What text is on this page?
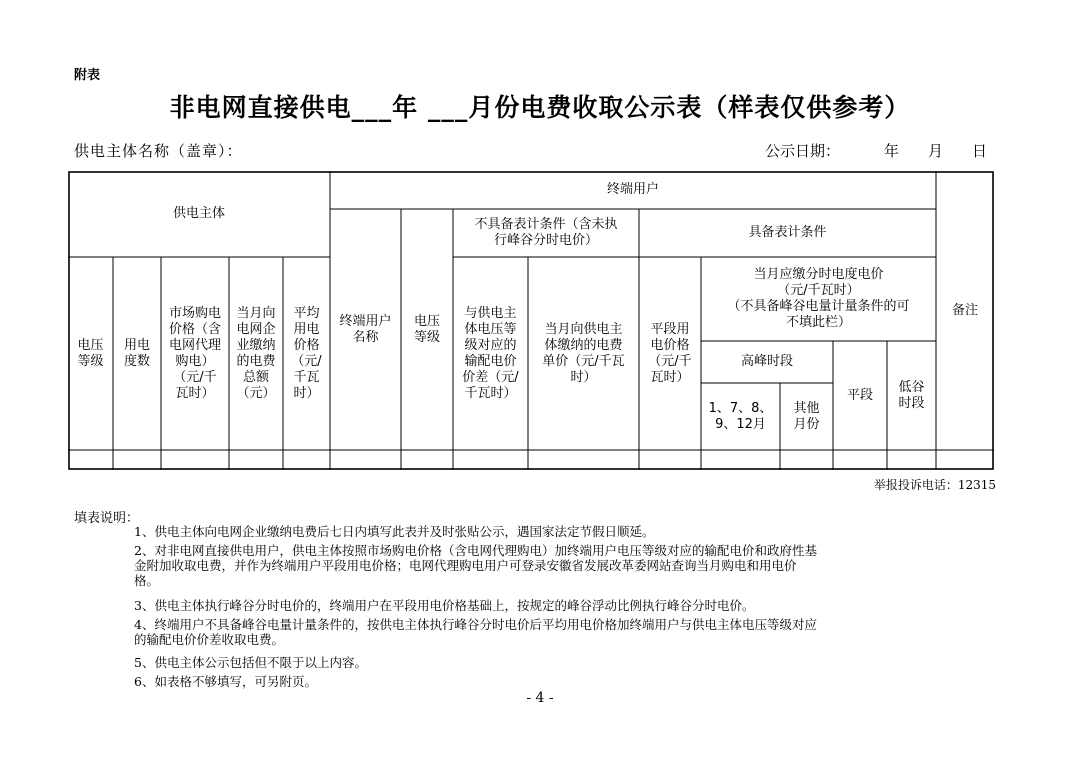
附表
非电网直接供电___年 ___月份电费收取公示表（样表仅供参考）
供电主体名称（盖章）：	公示日期：	年 月 日
供电主体
终端用户
备注
电压
等级
用电
度数
市场购电
价格（含
电网代理
购电）
（元/千
瓦时）
当月向
电网企
业缴纳
的电费
总额
（元）
平均
用电
价格
（元/
千瓦
时）
终端用户
名称
电压
等级
不具备表计条件（含未执
行峰谷分时电价）
与供电主
体电压等
级对应的
输配电价
价差（元/
千瓦时）
当月向供电主
体缴纳的电费
单价（元/千瓦
时）
具备表计条件
平段用
电价格
（元/千
瓦时）
当月应缴分时电度电价
（元/千瓦时）
（不具备峰谷电量计量条件的可
不填此栏）
高峰时段
1、7、8、
9、12月
其他
月份
平段
低谷
时段
举报投诉电话：12315
填表说明：
1、供电主体向电网企业缴纳电费后七日内填写此表并及时张贴公示，遇国家法定节假日顺延。
2、对非电网直接供电用户，供电主体按照市场购电价格（含电网代理购电）加终端用户电压等级对应的输配电价和政府性基
金附加收取电费，并作为终端用户平段用电价格；电网代理购电用户可登录安徽省发展改革委网站查询当月购电和用电价
格。
3、供电主体执行峰谷分时电价的，终端用户在平段用电价格基础上，按规定的峰谷浮动比例执行峰谷分时电价。
4、终端用户不具备峰谷电量计量条件的，按供电主体执行峰谷分时电价后平均用电价格加终端用户与供电主体电压等级对应
的输配电价价差收取电费。
5、供电主体公示包括但不限于以上内容。
6、如表格不够填写，可另附页。
- 4 -
